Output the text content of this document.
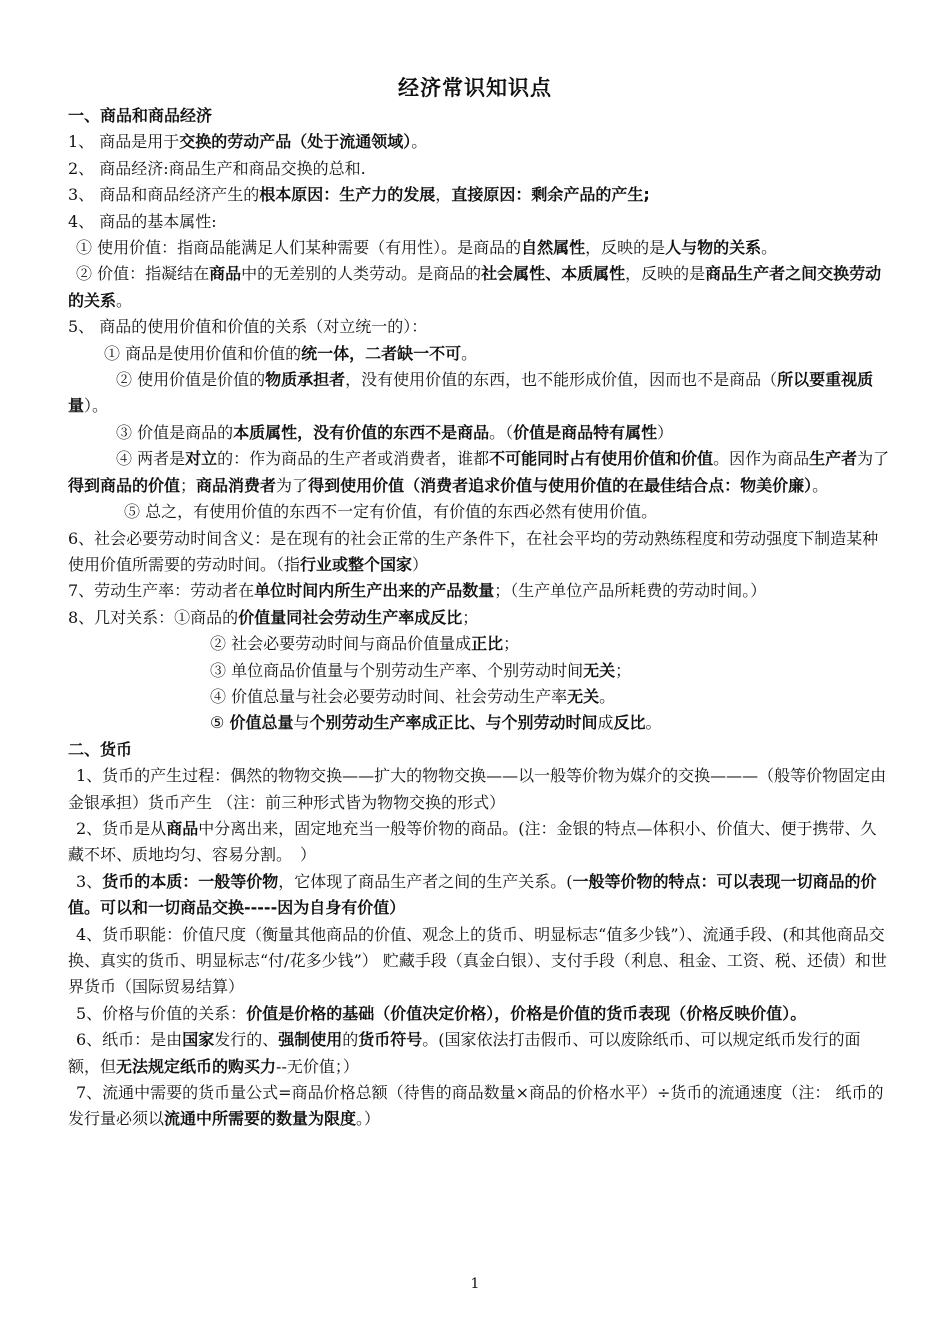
经济常识知识点

一、商品和商品经济

1、 商品是用于交换的劳动产品（处于流通领域）。

2、 商品经济:商品生产和商品交换的总和.

3、 商品和商品经济产生的根本原因：生产力的发展，直接原因：剩余产品的产生;

4、 商品的基本属性:

① 使用价值：指商品能满足人们某种需要（有用性）。是商品的自然属性，反映的是人与物的关系。

② 价值：指凝结在商品中的无差别的人类劳动。是商品的社会属性、本质属性，反映的是商品生产者之间交换劳动的关系。

5、 商品的使用价值和价值的关系（对立统一的）：

① 商品是使用价值和价值的统一体，二者缺一不可。

② 使用价值是价值的物质承担者，没有使用价值的东西，也不能形成价值，因而也不是商品（所以要重视质量）。

③ 价值是商品的本质属性，没有价值的东西不是商品。（价值是商品特有属性）

④ 两者是对立的：作为商品的生产者或消费者，谁都不可能同时占有使用价值和价值。因作为商品生产者为了得到商品的价值；商品消费者为了得到使用价值（消费者追求价值与使用价值的在最佳结合点：物美价廉）。

⑤ 总之，有使用价值的东西不一定有价值，有价值的东西必然有使用价值。

6、社会必要劳动时间含义：是在现有的社会正常的生产条件下，在社会平均的劳动熟练程度和劳动强度下制造某种使用价值所需要的劳动时间。（指行业或整个国家）

7、劳动生产率：劳动者在单位时间内所生产出来的产品数量；（生产单位产品所耗费的劳动时间。）

8、几对关系：①商品的价值量同社会劳动生产率成反比；

② 社会必要劳动时间与商品价值量成正比；

③ 单位商品价值量与个别劳动生产率、个别劳动时间无关；

④ 价值总量与社会必要劳动时间、社会劳动生产率无关。

⑤ 价值总量与个别劳动生产率成正比、与个别劳动时间成反比。

二、货币

1、货币的产生过程：偶然的物物交换——扩大的物物交换——以一般等价物为媒介的交换———（般等价物固定由金银承担）货币产生 （注：前三种形式皆为物物交换的形式）

2、货币是从商品中分离出来，固定地充当一般等价物的商品。(注：金银的特点—体积小、价值大、便于携带、久藏不坏、质地均匀、容易分割。　）

3、货币的本质：一般等价物，它体现了商品生产者之间的生产关系。(一般等价物的特点：可以表现一切商品的价值。可以和一切商品交换-----因为自身有价值）

4、货币职能：价值尺度（衡量其他商品的价值、观念上的货币、明显标志“值多少钱”）、流通手段、(和其他商品交换、真实的货币、明显标志“付/花多少钱”） 贮藏手段（真金白银）、支付手段（利息、租金、工资、税、还债）和世界货币（国际贸易结算）

5、价格与价值的关系：价值是价格的基础（价值决定价格），价格是价值的货币表现（价格反映价值）。

6、纸币：是由国家发行的、强制使用的货币符号。(国家依法打击假币、可以废除纸币、可以规定纸币发行的面额，但无法规定纸币的购买力--无价值；）

7、流通中需要的货币量公式=商品价格总额（待售的商品数量×商品的价格水平）÷货币的流通速度（注： 纸币的发行量必须以流通中所需要的数量为限度。）

1
